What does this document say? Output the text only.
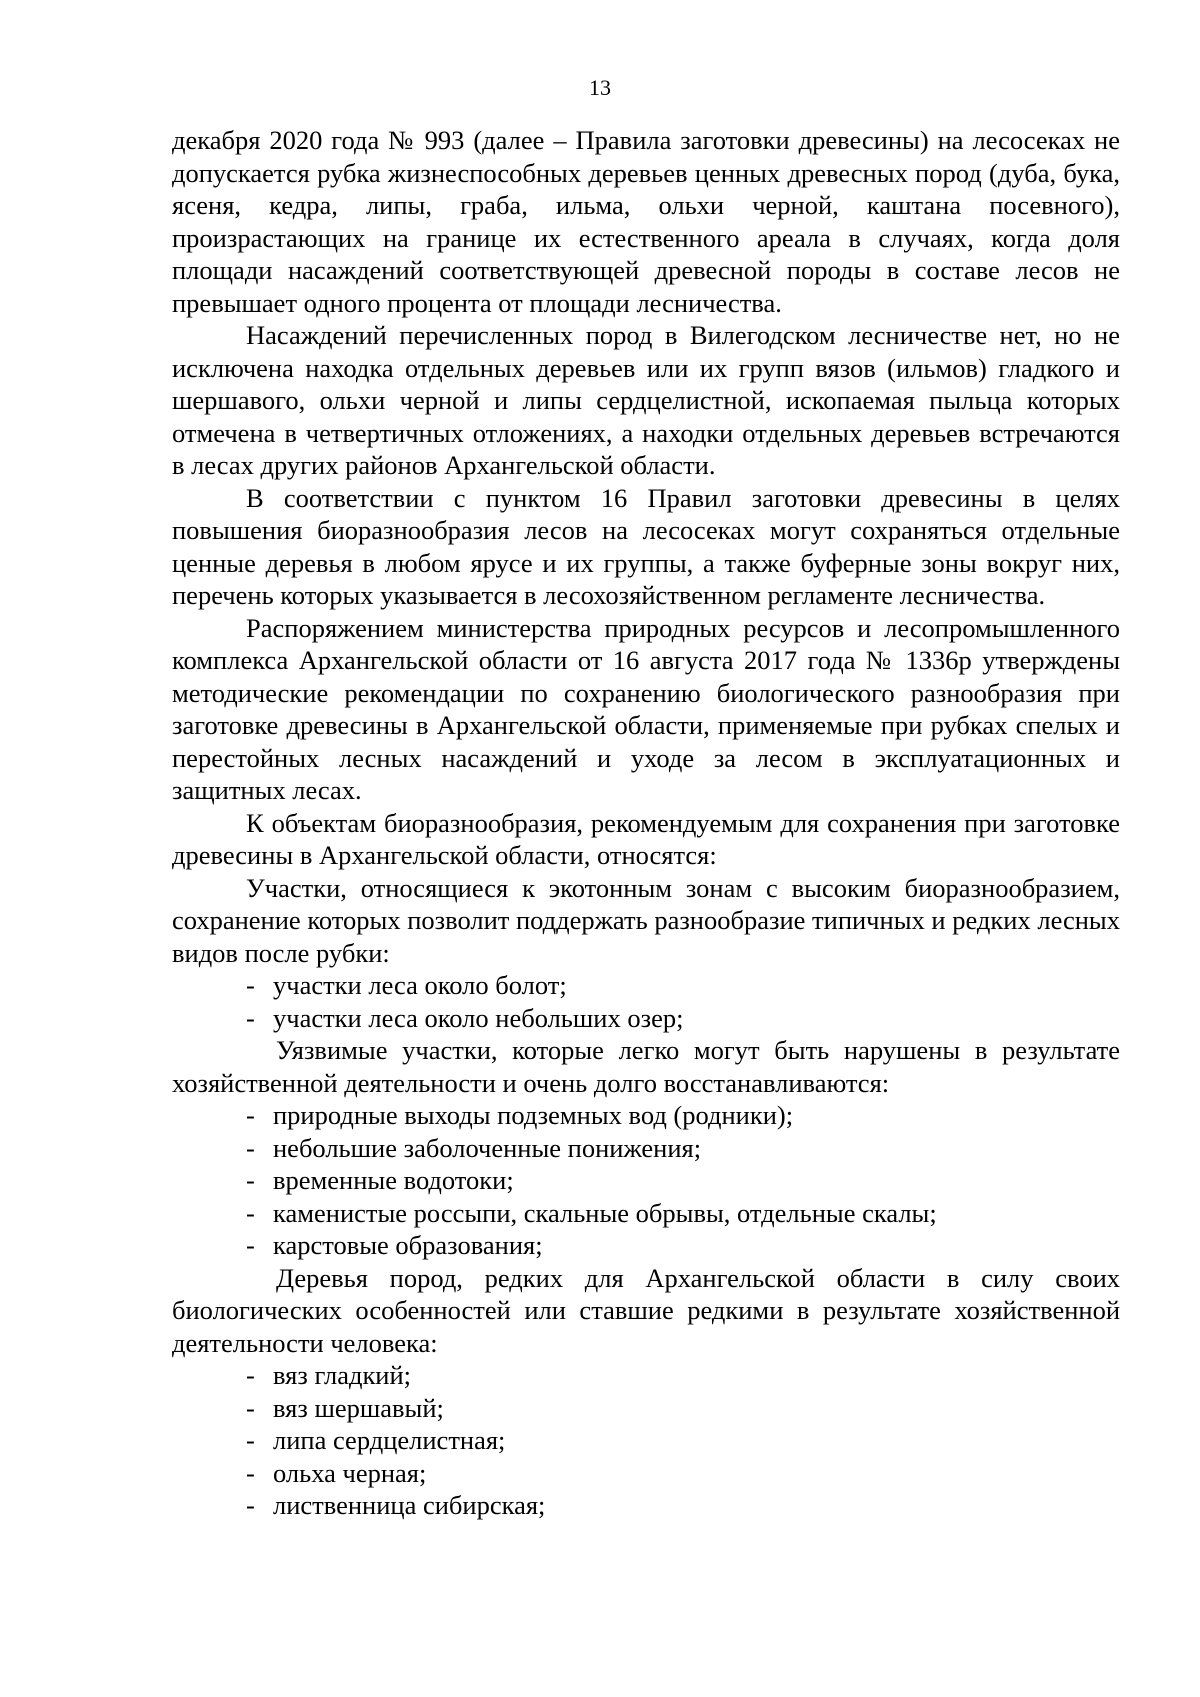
13

декабря 2020 года № 993 (далее – Правила заготовки древесины) на лесосеках не допускается рубка жизнеспособных деревьев ценных древесных пород (дуба, бука, ясеня, кедра, липы, граба, ильма, ольхи черной, каштана посевного), произрастающих на границе их естественного ареала в случаях, когда доля площади насаждений соответствующей древесной породы в составе лесов не превышает одного процента от площади лесничества.

Насаждений перечисленных пород в Вилегодском лесничестве нет, но не исключена находка отдельных деревьев или их групп вязов (ильмов) гладкого и шершавого, ольхи черной и липы сердцелистной, ископаемая пыльца которых отмечена в четвертичных отложениях, а находки отдельных деревьев встречаются в лесах других районов Архангельской области.

В соответствии с пунктом 16 Правил заготовки древесины в целях повышения биоразнообразия лесов на лесосеках могут сохраняться отдельные ценные деревья в любом ярусе и их группы, а также буферные зоны вокруг них, перечень которых указывается в лесохозяйственном регламенте лесничества.

Распоряжением министерства природных ресурсов и лесопромышленного комплекса Архангельской области от 16 августа 2017 года № 1336р утверждены методические рекомендации по сохранению биологического разнообразия при заготовке древесины в Архангельской области, применяемые при рубках спелых и перестойных лесных насаждений и уходе за лесом в эксплуатационных и защитных лесах.

К объектам биоразнообразия, рекомендуемым для сохранения при заготовке древесины в Архангельской области, относятся:

Участки, относящиеся к экотонным зонам с высоким биоразнообразием, сохранение которых позволит поддержать разнообразие типичных и редких лесных видов после рубки:

- участки леса около болот;
- участки леса около небольших озер;

Уязвимые участки, которые легко могут быть нарушены в результате хозяйственной деятельности и очень долго восстанавливаются:

- природные выходы подземных вод (родники);
- небольшие заболоченные понижения;
- временные водотоки;
- каменистые россыпи, скальные обрывы, отдельные скалы;
- карстовые образования;

Деревья пород, редких для Архангельской области в силу своих биологических особенностей или ставшие редкими в результате хозяйственной деятельности человека:

- вяз гладкий;
- вяз шершавый;
- липа сердцелистная;
- ольха черная;
- лиственница сибирская;
